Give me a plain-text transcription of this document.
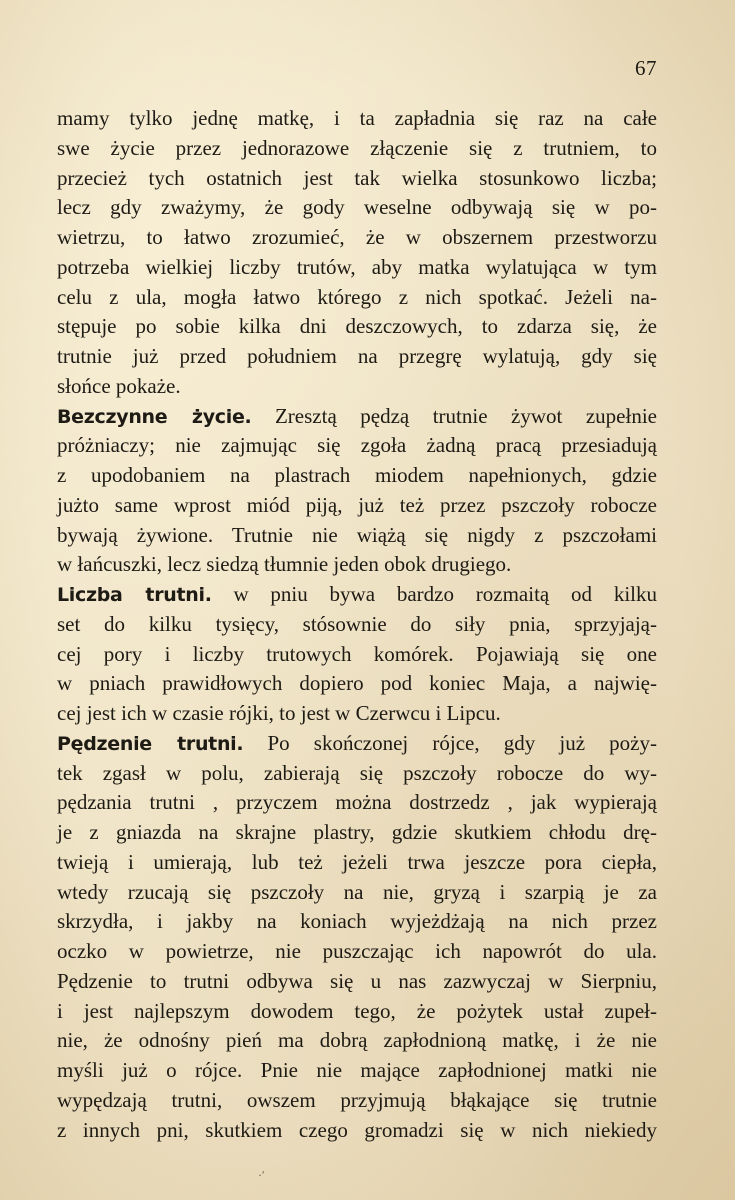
67
mamy tylko jednę matkę, i ta zapładnia się raz na całe
swe życie przez jednorazowe złączenie się z trutniem, to
przecież tych ostatnich jest tak wielka stosunkowo liczba;
lecz gdy zważymy, że gody weselne odbywają się w po-
wietrzu, to łatwo zrozumieć, że w obszernem przestworzu
potrzeba wielkiej liczby trutów, aby matka wylatująca w tym
celu z ula, mogła łatwo którego z nich spotkać. Jeżeli na-
stępuje po sobie kilka dni deszczowych, to zdarza się, że
trutnie już przed południem na przegrę wylatują, gdy się
słońce pokaże.
Bezczynne życie. Zresztą pędzą trutnie żywot zupełnie
próżniaczy; nie zajmując się zgoła żadną pracą przesiadują
z upodobaniem na plastrach miodem napełnionych, gdzie
jużto same wprost miód piją, już też przez pszczoły robocze
bywają żywione. Trutnie nie wiążą się nigdy z pszczołami
w łańcuszki, lecz siedzą tłumnie jeden obok drugiego.
Liczba trutni. w pniu bywa bardzo rozmaitą od kilku
set do kilku tysięcy, stósownie do siły pnia, sprzyjają-
cej pory i liczby trutowych komórek. Pojawiają się one
w pniach prawidłowych dopiero pod koniec Maja, a najwię-
cej jest ich w czasie rójki, to jest w Czerwcu i Lipcu.
Pędzenie trutni. Po skończonej rójce, gdy już poży-
tek zgasł w polu, zabierają się pszczoły robocze do wy-
pędzania trutni , przyczem można dostrzedz , jak wypierają
je z gniazda na skrajne plastry, gdzie skutkiem chłodu drę-
twieją i umierają, lub też jeżeli trwa jeszcze pora ciepła,
wtedy rzucają się pszczoły na nie, gryzą i szarpią je za
skrzydła, i jakby na koniach wyjeżdżają na nich przez
oczko w powietrze, nie puszczając ich napowrót do ula.
Pędzenie to trutni odbywa się u nas zazwyczaj w Sierpniu,
i jest najlepszym dowodem tego, że pożytek ustał zupeł-
nie, że odnośny pień ma dobrą zapłodnioną matkę, i że nie
myśli już o rójce. Pnie nie mające zapłodnionej matki nie
wypędzają trutni, owszem przyjmują błąkające się trutnie
z innych pni, skutkiem czego gromadzi się w nich niekiedy
·ʹ
